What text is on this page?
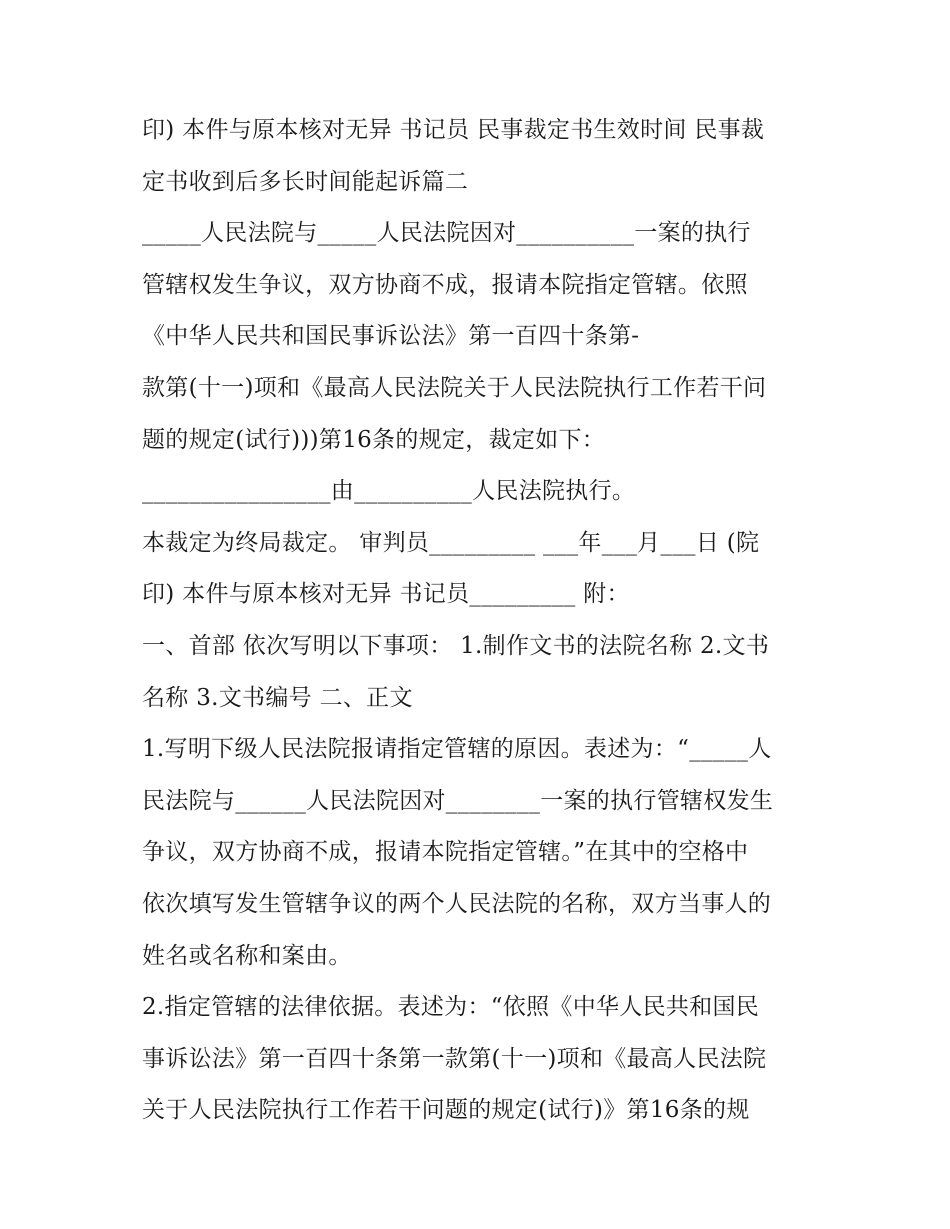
印) 本件与原本核对无异 书记员 民事裁定书生效时间 民事裁
定书收到后多长时间能起诉篇二
_____人民法院与_____人民法院因对__________一案的执行
管辖权发生争议，双方协商不成，报请本院指定管辖。依照
《中华人民共和国民事诉讼法》第一百四十条第-
款第(十一)项和《最高人民法院关于人民法院执行工作若干问
题的规定(试行)))第16条的规定，裁定如下：
________________由__________人民法院执行。
本裁定为终局裁定。 审判员_________ ___年___月___日 (院
印) 本件与原本核对无异 书记员_________ 附：
一、首部 依次写明以下事项： 1.制作文书的法院名称 2.文书
名称 3.文书编号 二、正文
1.写明下级人民法院报请指定管辖的原因。表述为：“_____人
民法院与______人民法院因对________一案的执行管辖权发生
争议，双方协商不成，报请本院指定管辖。”在其中的空格中
依次填写发生管辖争议的两个人民法院的名称，双方当事人的
姓名或名称和案由。
2.指定管辖的法律依据。表述为：“依照《中华人民共和国民
事诉讼法》第一百四十条第一款第(十一)项和《最高人民法院
关于人民法院执行工作若干问题的规定(试行)》第16条的规
